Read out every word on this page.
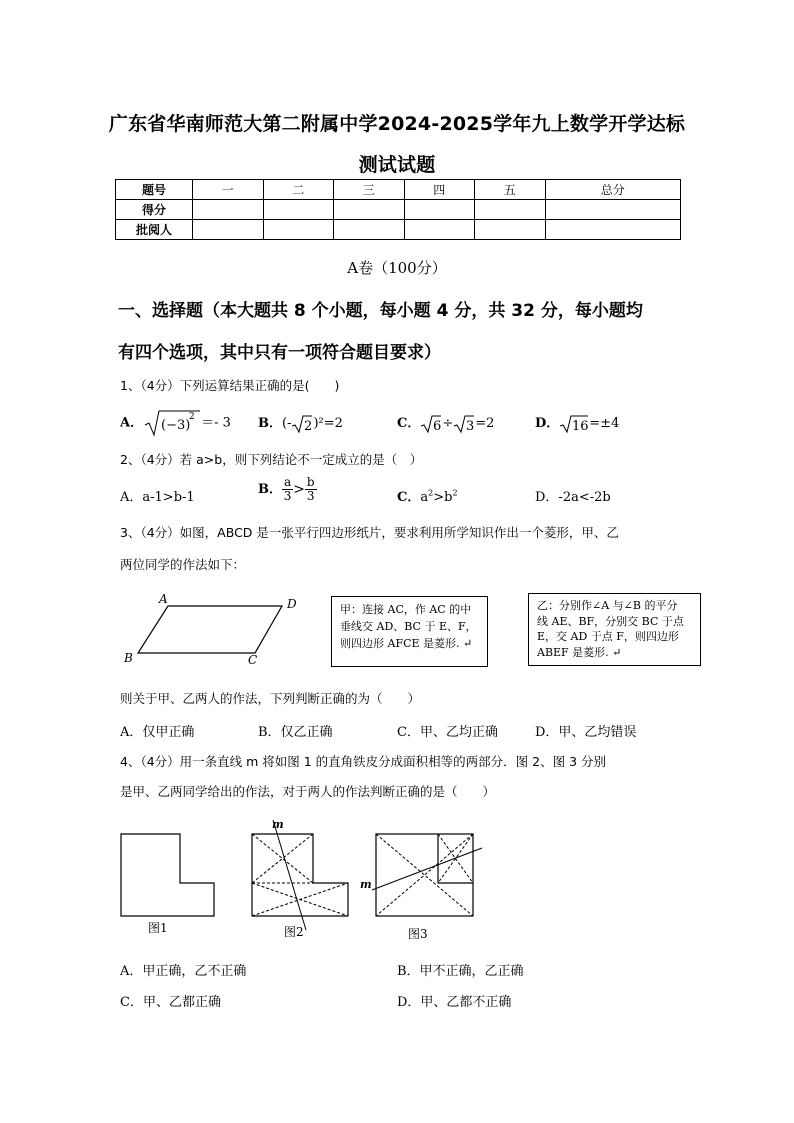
广东省华南师范大第二附属中学2024-2025学年九上数学开学达标
测试试题
题号	一	二	三	四	五	总分
得分						
批阅人						
A卷（100分）
一、选择题（本大题共 8 个小题，每小题 4 分，共 32 分，每小题均
有四个选项，其中只有一项符合题目要求）
1、（4分）下列运算结果正确的是(　　)
A． (−3)
2 ＝- 3 B．(- 2 )²=2	C． 6 ÷ 3 =2	D． 16 =±4
2、（4分）若 a>b，则下列结论不一定成立的是（　）
A．a-1>b-1
B． $\frac{a}{3} > \frac{b}{3}$	C．$a^2>b^2$	D．-2a<-2b
3、（4分）如图，ABCD 是一张平行四边形纸片，要求利用所学知识作出一个菱形，甲、乙
两位同学的作法如下：
A	D
B	C
甲：连接 AC，作 AC 的中
垂线交 AD、BC 于 E、F，
则四边形 AFCE 是菱形. ↵
乙：分别作∠A 与∠B 的平分
线 AE、BF，分别交 BC 于点
E，交 AD 于点 F，则四边形
ABEF 是菱形. ↵
则关于甲、乙两人的作法，下列判断正确的为（　　）
A．仅甲正确	B．仅乙正确	C．甲、乙均正确	D．甲、乙均错误
4、（4分）用一条直线 m 将如图 1 的直角铁皮分成面积相等的两部分．图 2、图 3 分别
是甲、乙两同学给出的作法，对于两人的作法判断正确的是（　　）
图1
m
图2
m
图3
A．甲正确，乙不正确	B．甲不正确，乙正确
C．甲、乙都正确	D．甲、乙都不正确
